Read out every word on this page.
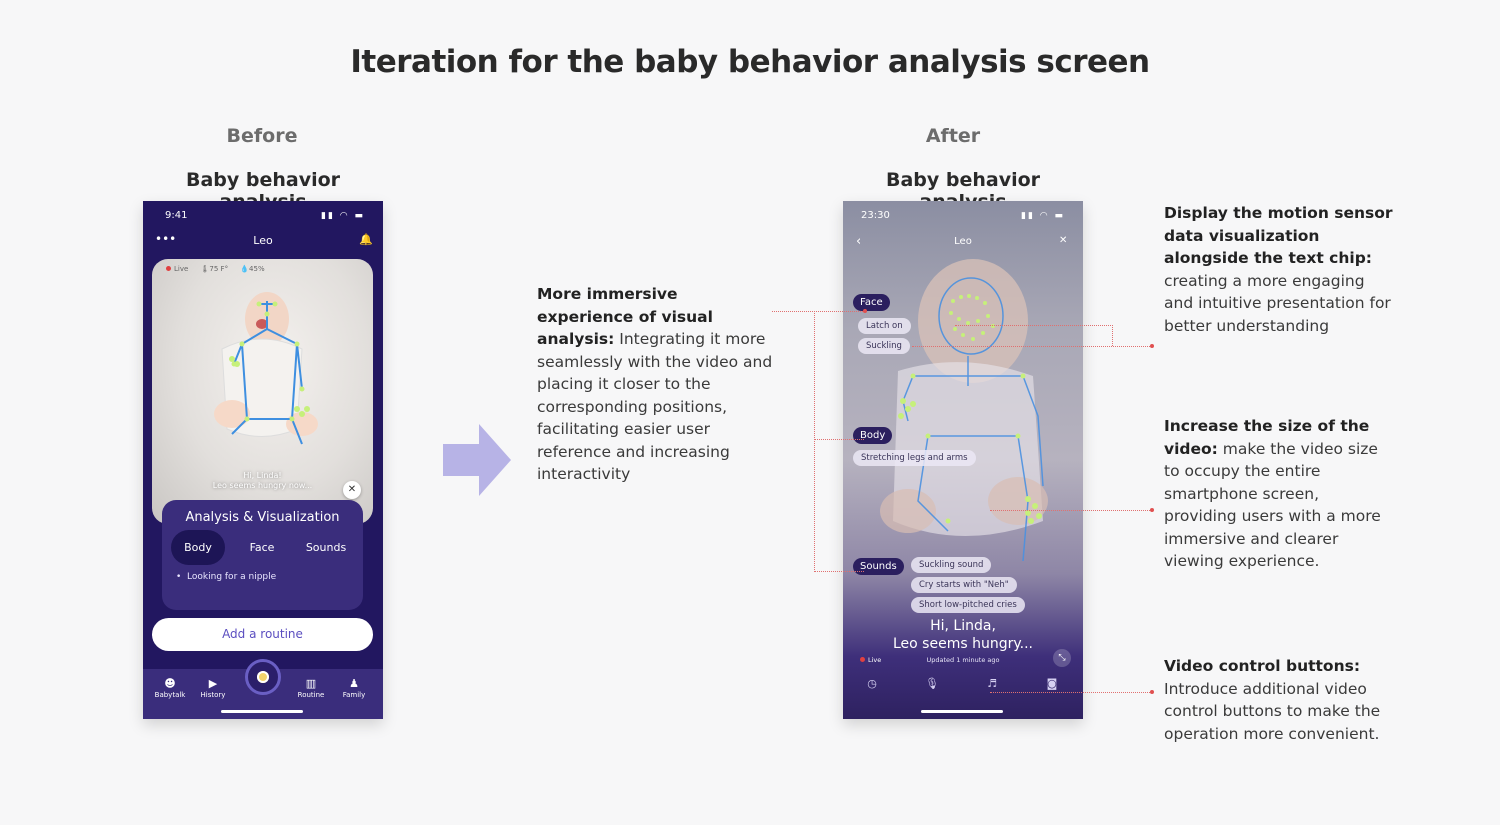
Iteration for the baby behavior analysis screen
Before
Baby behavior
9:41	▮▮ ◠ ▬
•••	Leo	🔔
Live 🌡75 F° 💧45%
Hi, Linda!
Leo seems hungry now...	✕
Analysis & Visualization
Body	Face	Sounds
•  Looking for a nipple
Add a routine
☻
Babytalk
▶
History
▥
Routine
♟
Family
More immersive experience of visual analysis: Integrating it more seamlessly with the video and placing it closer to the corresponding positions, facilitating easier user reference and increasing interactivity
After
Baby behavior
23:30	▮▮ ◠ ▬
‹	Leo	✕
Face
Latch on
Suckling
Body
Stretching legs and arms
Sounds	Suckling sound
Cry starts with "Neh"
Short low-pitched cries
Hi, Linda,
Leo seems hungry...
Live	Updated 1 minute ago	⤡
◷	🎙	♬	◙
Display the motion sensor data visualization alongside the text chip: creating a more engaging and intuitive presentation for better understanding
Increase the size of the video: make the video size to occupy the entire smartphone screen, providing users with a more immersive and clearer viewing experience.
Video control buttons: Introduce additional video control buttons to make the operation more convenient.
